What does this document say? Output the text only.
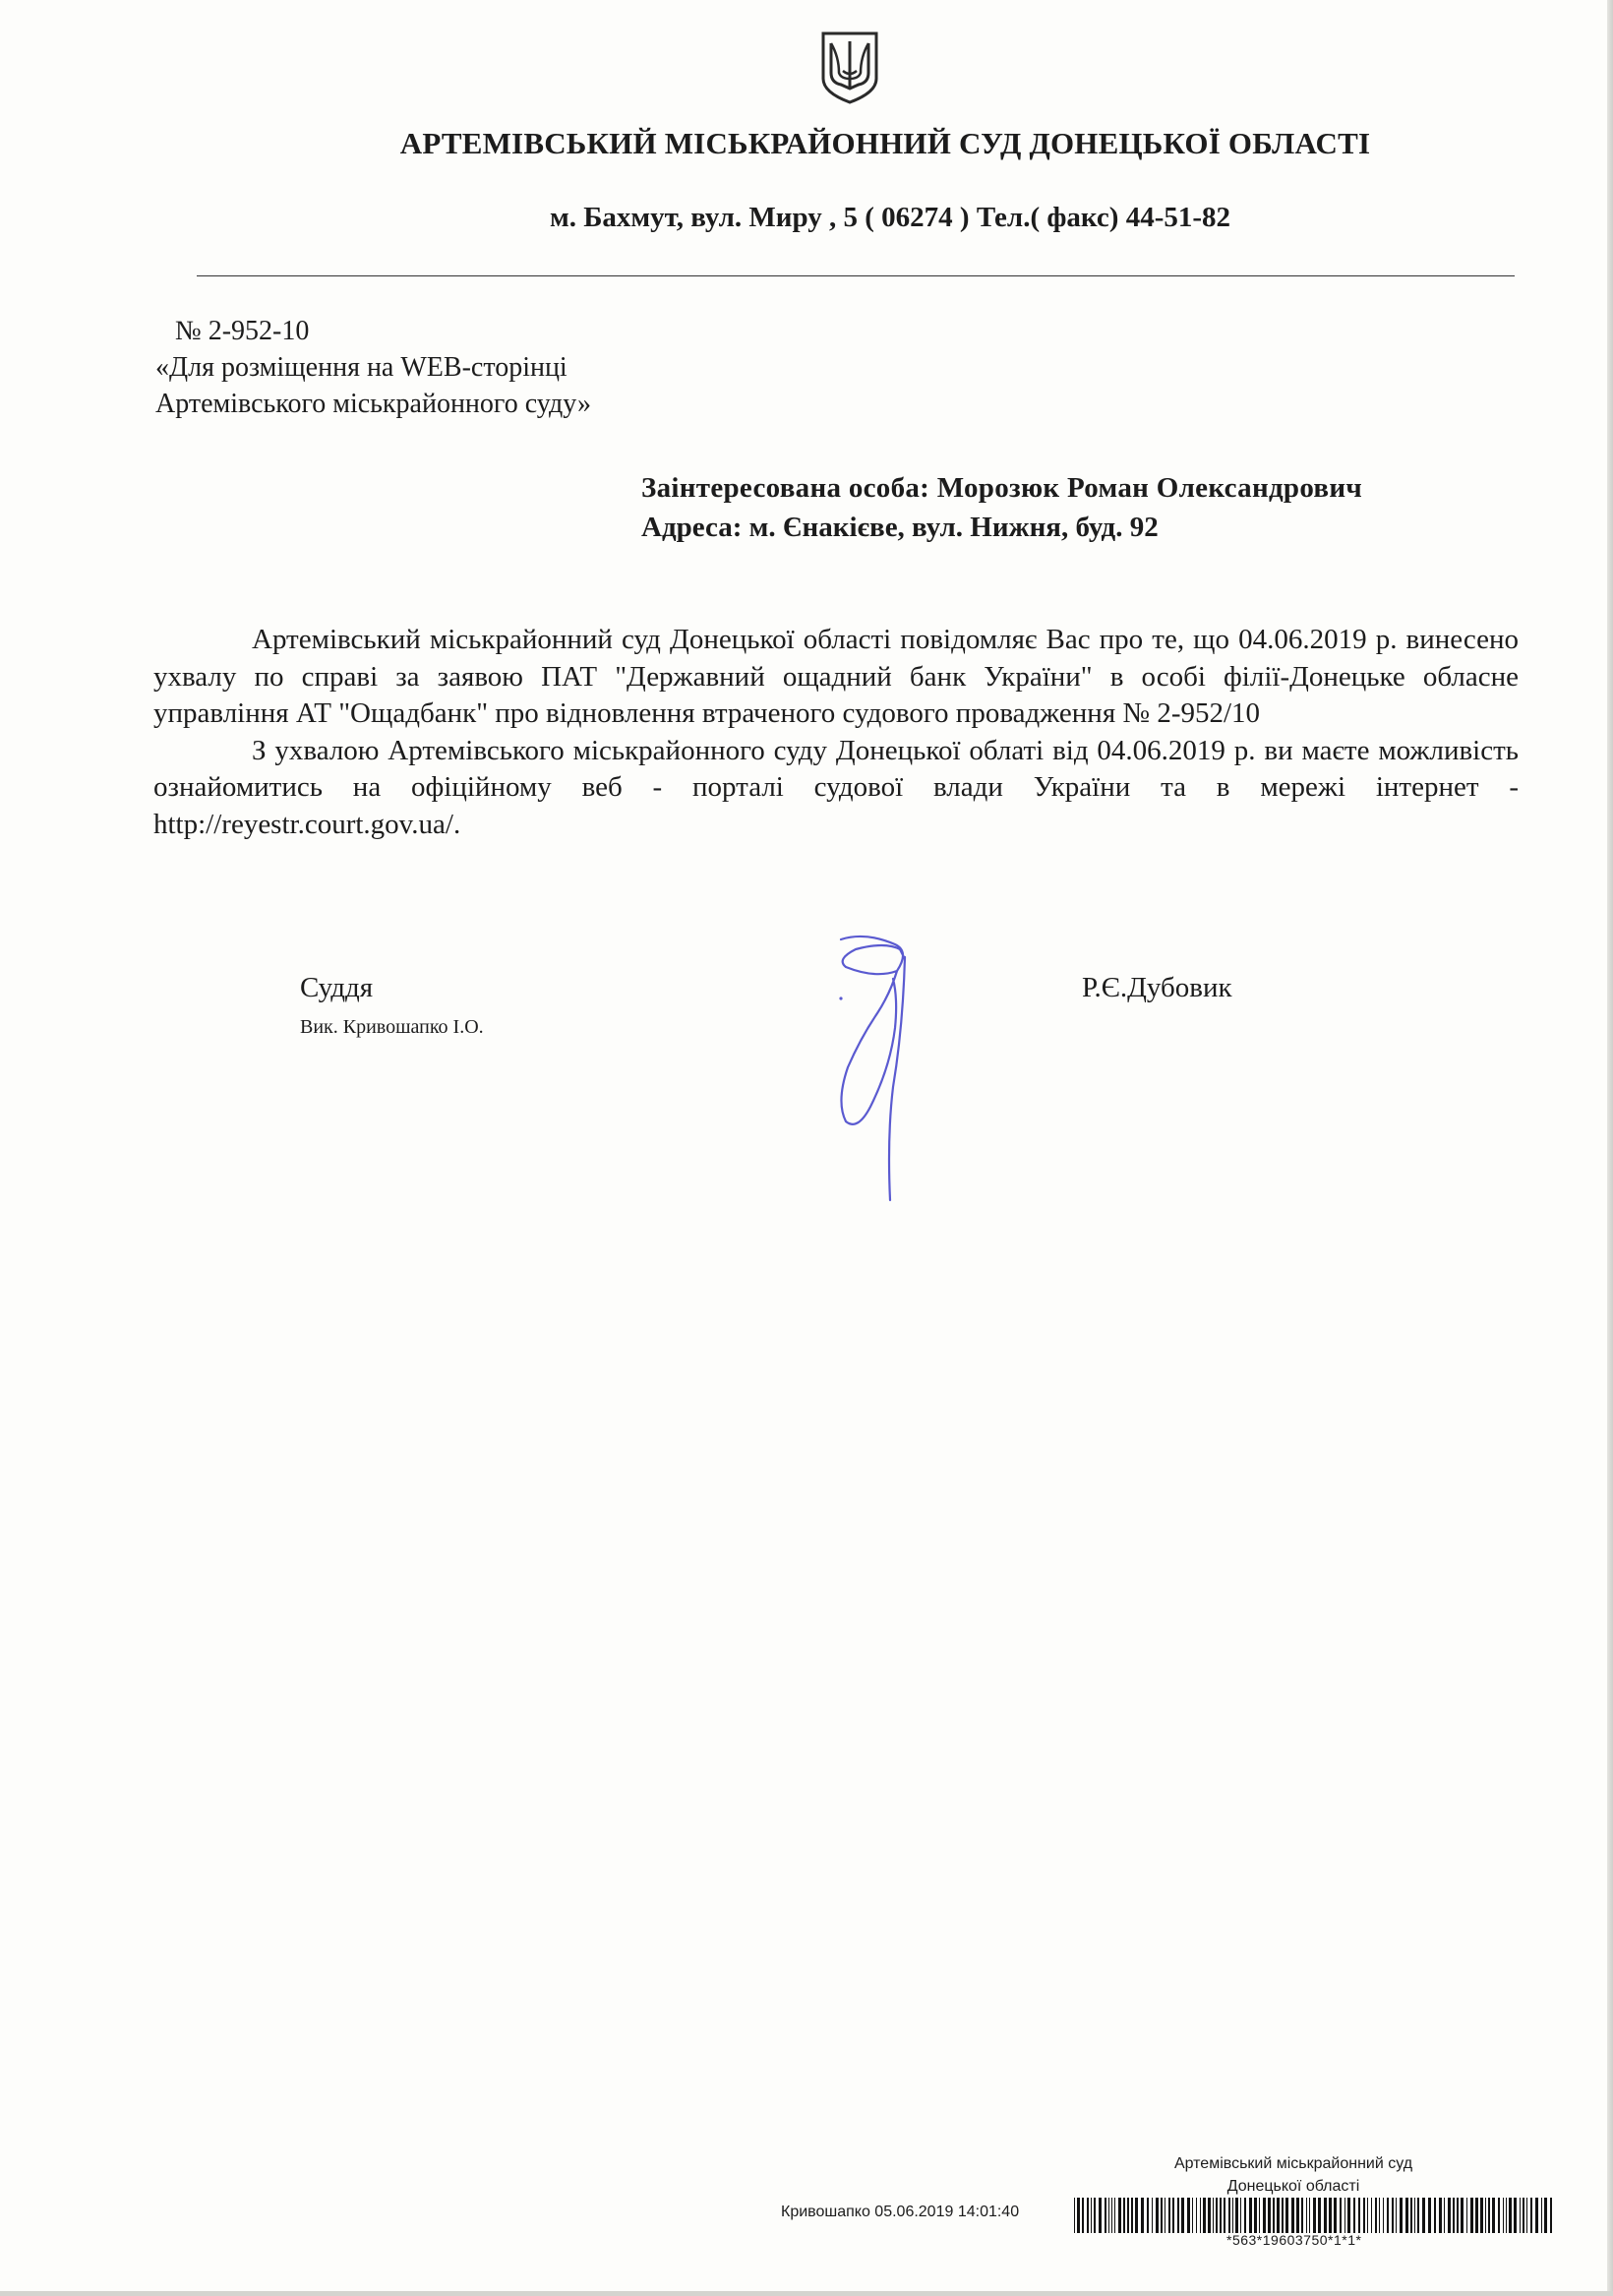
АРТЕМІВСЬКИЙ МІСЬКРАЙОННИЙ СУД ДОНЕЦЬКОЇ ОБЛАСТІ
м. Бахмут, вул. Миру , 5 ( 06274 ) Тел.( факс) 44-51-82
№ 2-952-10
«Для розміщення на WEB-сторінці
Артемівського міськрайонного суду»
Заінтересована особа: Морозюк Роман Олександрович
Адреса: м. Єнакієве, вул. Нижня, буд. 92

Артемівський міськрайонний суд Донецької області повідомляє Вас про те, що 04.06.2019 р. винесено ухвалу по справі за заявою ПАТ "Державний ощадний банк України" в особі філії-Донецьке обласне управління АТ "Ощадбанк" про відновлення втраченого судового провадження № 2-952/10

З ухвалою Артемівського міськрайонного суду Донецької облаті від 04.06.2019 р. ви маєте можливість ознайомитись на офіційному веб - порталі судової влади України та в мережі інтернет - http://reyestr.court.gov.ua/.

Суддя
Вик. Кривошапко І.О.
Р.Є.Дубовик
Артемівський міськрайонний суд
Донецької області
Кривошапко 05.06.2019 14:01:40
*563*19603750*1*1*
